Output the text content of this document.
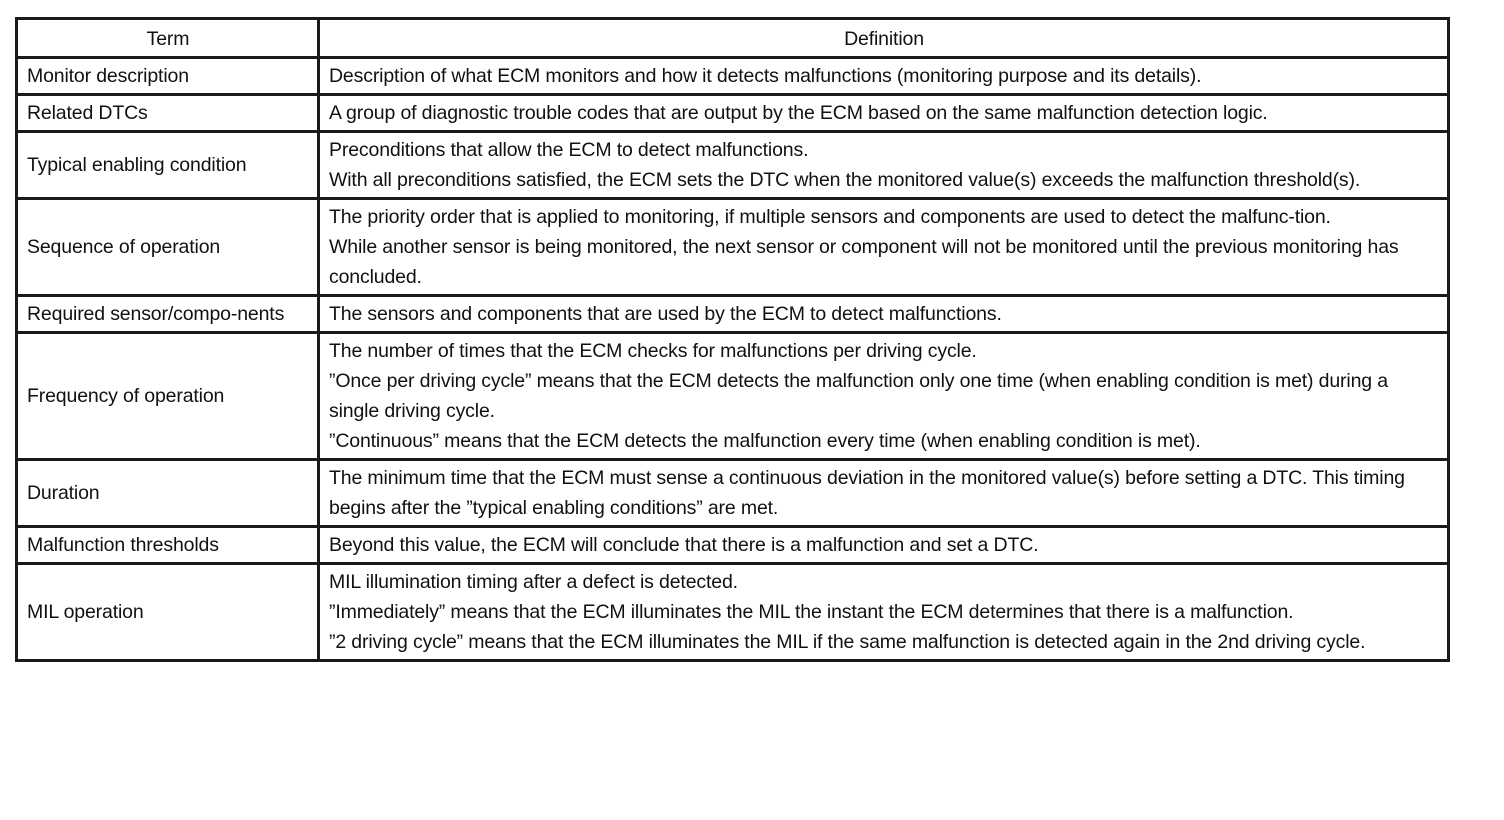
Term	Definition
Monitor description	Description of what ECM monitors and how it detects malfunctions (monitoring purpose and its details).

Related DTCs	A group of diagnostic trouble codes that are output by the ECM based on the same malfunction detection logic.

Typical enabling condition	Preconditions that allow the ECM to detect malfunctions.
With all preconditions satisfied, the ECM sets the DTC when the monitored value(s) exceeds the malfunction threshold(s).

Sequence of operation	The priority order that is applied to monitoring, if multiple sensors and components are used to detect the malfunc-tion.
While another sensor is being monitored, the next sensor or component will not be monitored until the previous monitoring has concluded.

Required sensor/compo-nents	The sensors and components that are used by the ECM to detect malfunctions.

Frequency of operation	The number of times that the ECM checks for malfunctions per driving cycle.
”Once per driving cycle” means that the ECM detects the malfunction only one time (when enabling condition is met) during a single driving cycle.
”Continuous” means that the ECM detects the malfunction every time (when enabling condition is met).

Duration	The minimum time that the ECM must sense a continuous deviation in the monitored value(s) before setting a DTC. This timing begins after the ”typical enabling conditions” are met.

Malfunction thresholds	Beyond this value, the ECM will conclude that there is a malfunction and set a DTC.

MIL operation	MIL illumination timing after a defect is detected.
”Immediately” means that the ECM illuminates the MIL the instant the ECM determines that there is a malfunction.
”2 driving cycle” means that the ECM illuminates the MIL if the same malfunction is detected again in the 2nd driving cycle.
